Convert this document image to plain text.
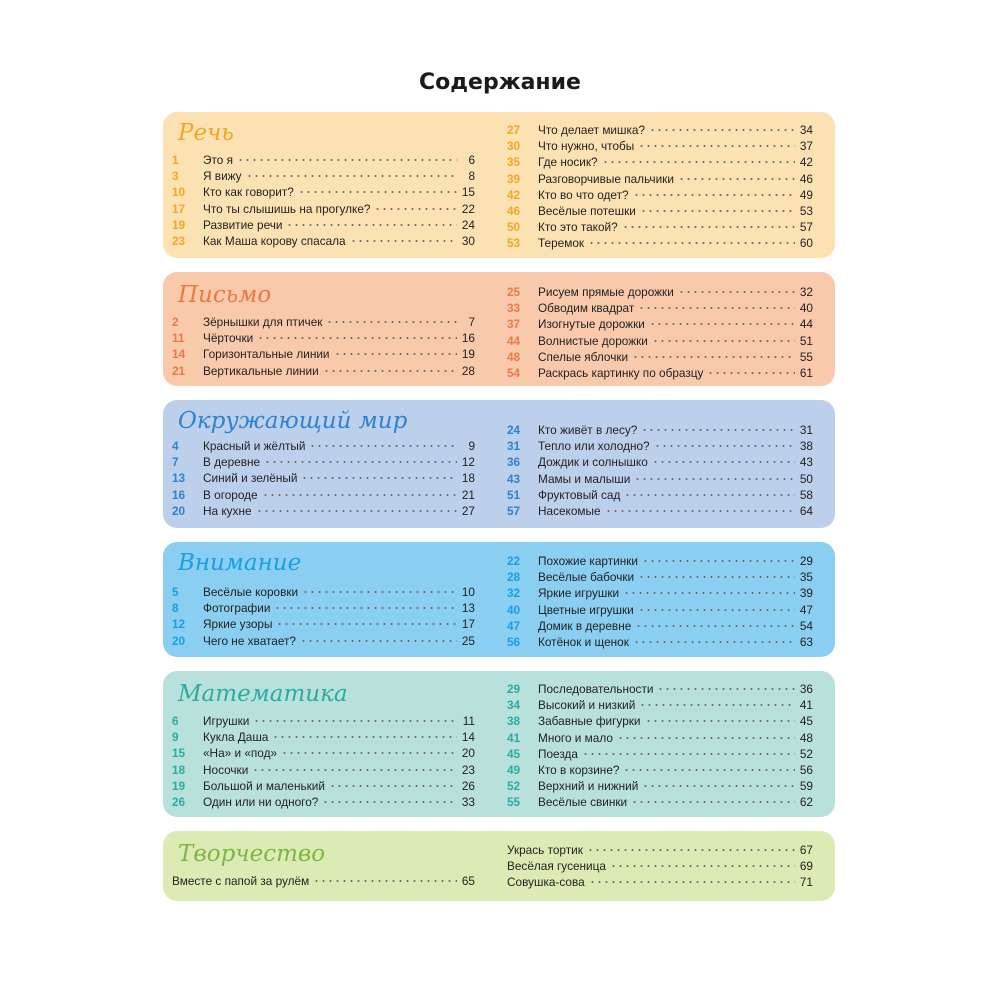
Содержание
Речь
1	Это я	6
3	Я вижу	8
10	Кто как говорит?	15
17	Что ты слышишь на прогулке?	22
19	Развитие речи	24
23	Как Маша корову спасала	30
27	Что делает мишка?	34
30	Что нужно, чтобы	37
35	Где носик?	42
39	Разговорчивые пальчики	46
42	Кто во что одет?	49
46	Весёлые потешки	53
50	Кто это такой?	57
53	Теремок	60
Письмо
2	Зёрнышки для птичек	7
11	Чёрточки	16
14	Горизонтальные линии	19
21	Вертикальные линии	28
25	Рисуем прямые дорожки	32
33	Обводим квадрат	40
37	Изогнутые дорожки	44
44	Волнистые дорожки	51
48	Спелые яблочки	55
54	Раскрась картинку по образцу	61
Окружающий мир
4	Красный и жёлтый	9
7	В деревне	12
13	Синий и зелёный	18
16	В огороде	21
20	На кухне	27
24	Кто живёт в лесу?	31
31	Тепло или холодно?	38
36	Дождик и солнышко	43
43	Мамы и малыши	50
51	Фруктовый сад	58
57	Насекомые	64
Внимание
5	Весёлые коровки	10
8	Фотографии	13
12	Яркие узоры	17
20	Чего не хватает?	25
22	Похожие картинки	29
28	Весёлые бабочки	35
32	Яркие игрушки	39
40	Цветные игрушки	47
47	Домик в деревне	54
56	Котёнок и щенок	63
Математика
6	Игрушки	11
9	Кукла Даша	14
15	«На» и «под»	20
18	Носочки	23
19	Большой и маленький	26
26	Один или ни одного?	33
29	Последовательности	36
34	Высокий и низкий	41
38	Забавные фигурки	45
41	Много и мало	48
45	Поезда	52
49	Кто в корзине?	56
52	Верхний и нижний	59
55	Весёлые свинки	62
Творчество
Вместе с папой за рулём	65
Укрась тортик	67
Весёлая гусеница	69
Совушка-сова	71
